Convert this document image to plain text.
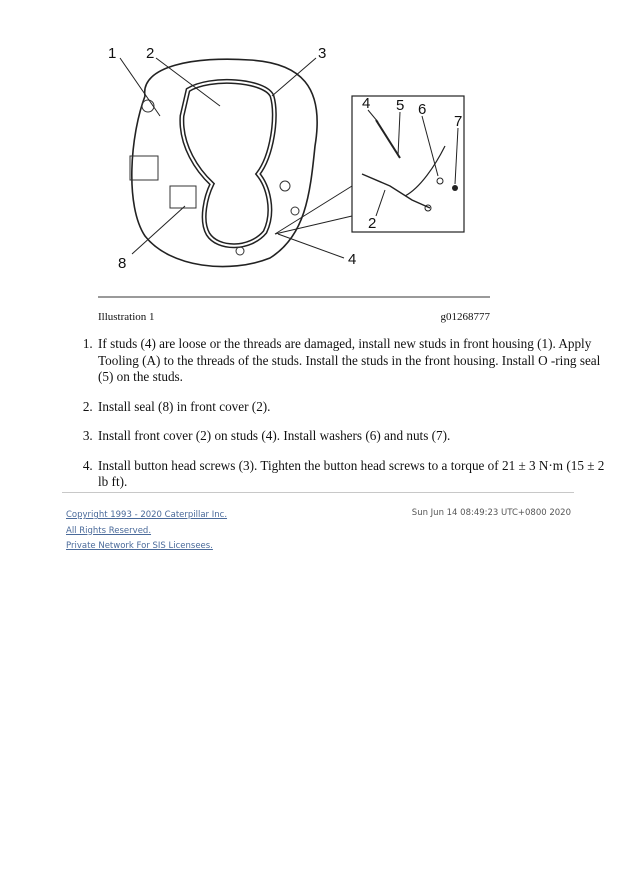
1 2	3
8	4
4 5 6
7
2
Illustration 1	g01268777
1. If studs (4) are loose or the threads are damaged, install new studs in front housing (1). Apply Tooling (A) to the threads of the studs. Install the studs in the front housing. Install O -ring seal (5) on the studs.
2. Install seal (8) in front cover (2).
3. Install front cover (2) on studs (4). Install washers (6) and nuts (7).
4. Install button head screws (3). Tighten the button head screws to a torque of 21 ± 3 N·m (15 ± 2 lb ft).
Copyright 1993 - 2020 Caterpillar Inc.
All Rights Reserved.
Private Network For SIS Licensees.
Sun Jun 14 08:49:23 UTC+0800 2020
